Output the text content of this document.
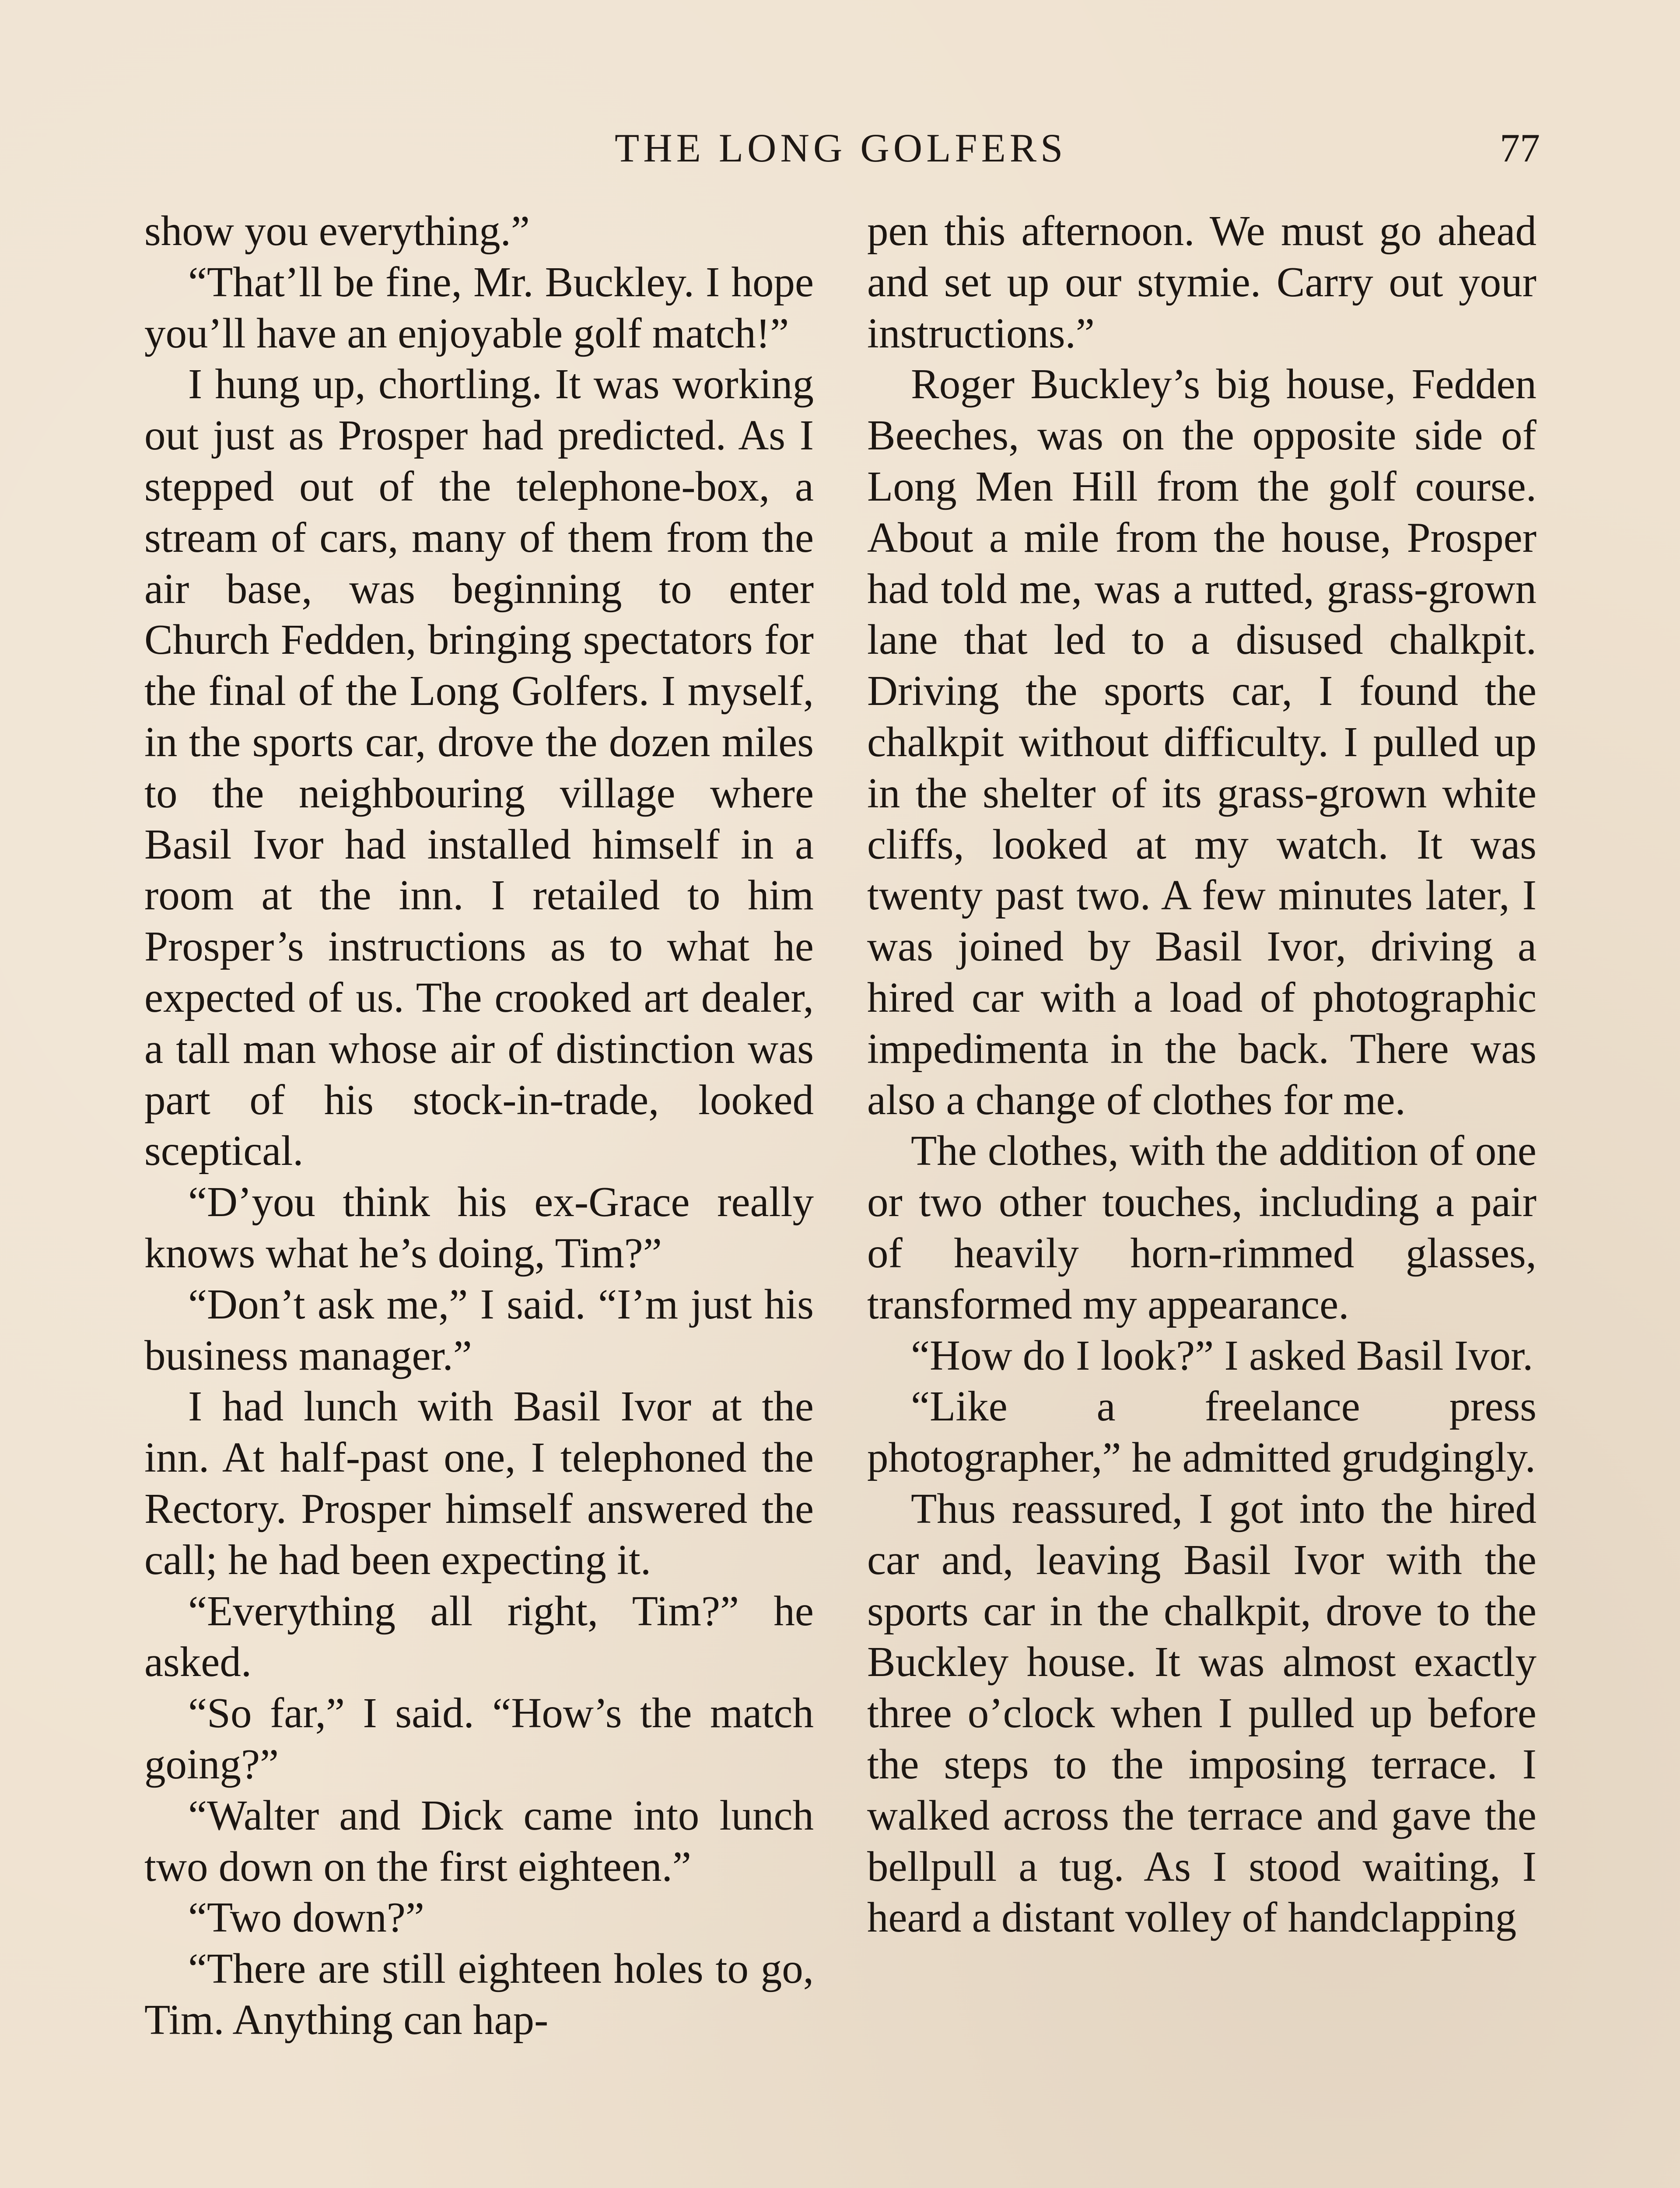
THE LONG GOLFERS	77

show you everything.”

“That’ll be fine, Mr. Buckley. I hope you’ll have an enjoyable golf match!”

I hung up, chortling. It was working out just as Prosper had predicted. As I stepped out of the telephone-box, a stream of cars, many of them from the air base, was beginning to enter Church Fedden, bringing spectators for the final of the Long Golfers. I myself, in the sports car, drove the dozen miles to the neighbouring village where Basil Ivor had installed himself in a room at the inn. I retailed to him Prosper’s instructions as to what he expected of us. The crooked art dealer, a tall man whose air of distinction was part of his stock-in-trade, looked sceptical.

“D’you think his ex-Grace really knows what he’s doing, Tim?”

“Don’t ask me,” I said. “I’m just his business manager.”

I had lunch with Basil Ivor at the inn. At half-past one, I telephoned the Rectory. Prosper himself answered the call; he had been expecting it.

“Everything all right, Tim?” he asked.

“So far,” I said. “How’s the match going?”

“Walter and Dick came into lunch two down on the first eighteen.”

“Two down?”

“There are still eighteen holes to go, Tim. Anything can hap-

pen this afternoon. We must go ahead and set up our stymie. Carry out your instructions.”

Roger Buckley’s big house, Fedden Beeches, was on the opposite side of Long Men Hill from the golf course. About a mile from the house, Prosper had told me, was a rutted, grass-grown lane that led to a disused chalkpit. Driving the sports car, I found the chalkpit without difficulty. I pulled up in the shelter of its grass-grown white cliffs, looked at my watch. It was twenty past two. A few minutes later, I was joined by Basil Ivor, driving a hired car with a load of photographic impedimenta in the back. There was also a change of clothes for me.

The clothes, with the addition of one or two other touches, including a pair of heavily horn-rimmed glasses, transformed my appearance.

“How do I look?” I asked Basil Ivor.

“Like a freelance press photographer,” he admitted grudgingly.

Thus reassured, I got into the hired car and, leaving Basil Ivor with the sports car in the chalkpit, drove to the Buckley house. It was almost exactly three o’clock when I pulled up before the steps to the imposing terrace. I walked across the terrace and gave the bellpull a tug. As I stood waiting, I heard a distant volley of handclapping
